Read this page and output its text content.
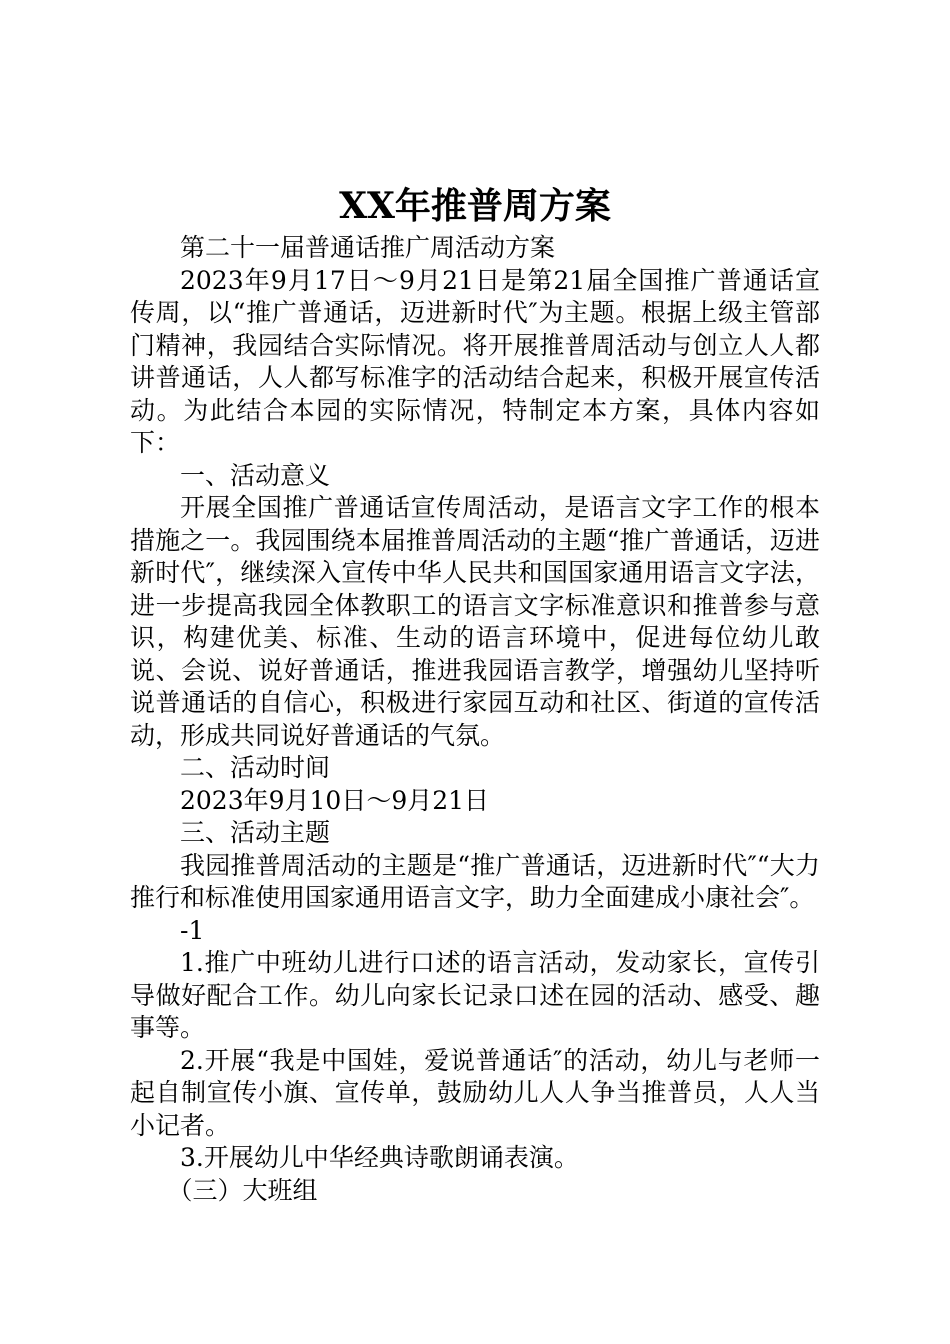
XX年推普周方案

第二十一届普通话推广周活动方案

2023年9月17日～9月21日是第21届全国推广普通话宣传周，以“推广普通话，迈进新时代″为主题。根据上级主管部门精神，我园结合实际情况。将开展推普周活动与创立人人都讲普通话，人人都写标准字的活动结合起来，积极开展宣传活动。为此结合本园的实际情况，特制定本方案，具体内容如下：

一、活动意义

开展全国推广普通话宣传周活动，是语言文字工作的根本措施之一。我园围绕本届推普周活动的主题“推广普通话，迈进新时代″，继续深入宣传中华人民共和国国家通用语言文字法，进一步提高我园全体教职工的语言文字标准意识和推普参与意识，构建优美、标准、生动的语言环境中，促进每位幼儿敢说、会说、说好普通话，推进我园语言教学，增强幼儿坚持听说普通话的自信心，积极进行家园互动和社区、街道的宣传活动，形成共同说好普通话的气氛。

二、活动时间

2023年9月10日～9月21日

三、活动主题

我园推普周活动的主题是“推广普通话，迈进新时代″“大力推行和标准使用国家通用语言文字，助力全面建成小康社会″。

-1

1.推广中班幼儿进行口述的语言活动，发动家长，宣传引导做好配合工作。幼儿向家长记录口述在园的活动、感受、趣事等。

2.开展“我是中国娃，爱说普通话″的活动，幼儿与老师一起自制宣传小旗、宣传单，鼓励幼儿人人争当推普员，人人当小记者。

3.开展幼儿中华经典诗歌朗诵表演。

（三）大班组
